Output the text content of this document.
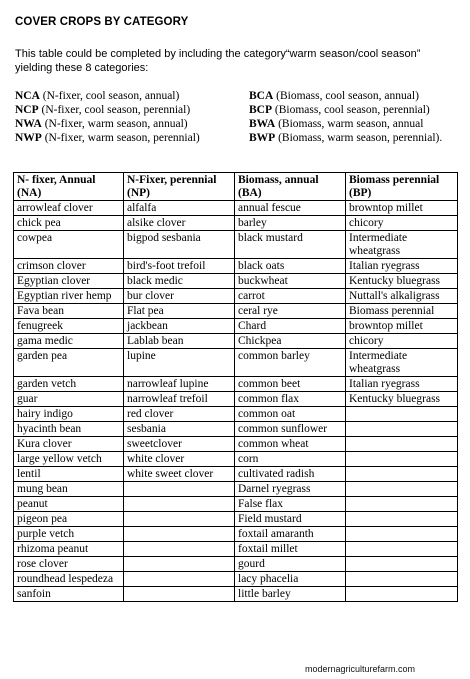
COVER CROPS BY CATEGORY
This table could be completed by including the category“warm season/cool season” yielding these 8 categories:
NCA (N-fixer, cool season, annual)
NCP (N-fixer, cool season, perennial)
NWA (N-fixer, warm season, annual)
NWP (N-fixer, warm season, perennial)
BCA (Biomass, cool season, annual)
BCP (Biomass, cool season, perennial)
BWA (Biomass, warm season, annual
BWP (Biomass, warm season, perennial).
N- fixer, Annual (NA)	N-Fixer, perennial (NP)	Biomass, annual (BA)	Biomass perennial (BP)
arrowleaf clover	alfalfa	annual fescue	browntop millet
chick pea	alsike clover	barley	chicory
cowpea	bigpod sesbania	black mustard	Intermediate wheatgrass
crimson clover	bird's-foot trefoil	black oats	Italian ryegrass
Egyptian clover	black medic	buckwheat	Kentucky bluegrass
Egyptian river hemp	bur clover	carrot	Nuttall's alkaligrass
Fava bean	Flat pea	ceral rye	Biomass perennial
fenugreek	jackbean	Chard	browntop millet
gama medic	Lablab bean	Chickpea	chicory
garden pea	lupine	common barley	Intermediate wheatgrass
garden vetch	narrowleaf lupine	common beet	Italian ryegrass
guar	narrowleaf trefoil	common flax	Kentucky bluegrass
hairy indigo	red clover	common oat	
hyacinth bean	sesbania	common sunflower	
Kura clover	sweetclover	common wheat	
large yellow vetch	white clover	corn	
lentil	white sweet clover	cultivated radish	
mung bean		Darnel ryegrass	
peanut		False flax	
pigeon pea		Field mustard	
purple vetch		foxtail amaranth	
rhizoma peanut		foxtail millet	
rose clover		gourd	
roundhead lespedeza		lacy phacelia	
sanfoin		little barley	
modernagriculturefarm.com
